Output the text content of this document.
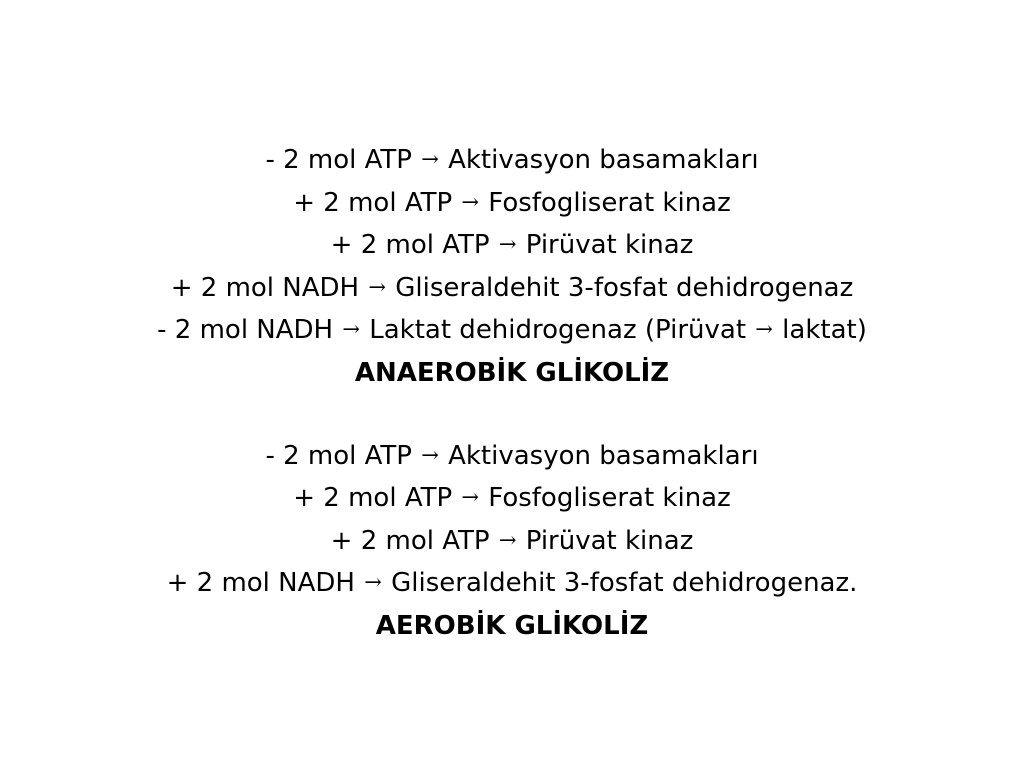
- 2 mol ATP → Aktivasyon basamakları
+ 2 mol ATP → Fosfogliserat kinaz
+ 2 mol ATP → Pirüvat kinaz
+ 2 mol NADH → Gliseraldehit 3-fosfat dehidrogenaz
- 2 mol NADH → Laktat dehidrogenaz (Pirüvat → laktat)
ANAEROBİK GLİKOLİZ
- 2 mol ATP → Aktivasyon basamakları
+ 2 mol ATP → Fosfogliserat kinaz
+ 2 mol ATP → Pirüvat kinaz
+ 2 mol NADH → Gliseraldehit 3-fosfat dehidrogenaz.
AEROBİK GLİKOLİZ
